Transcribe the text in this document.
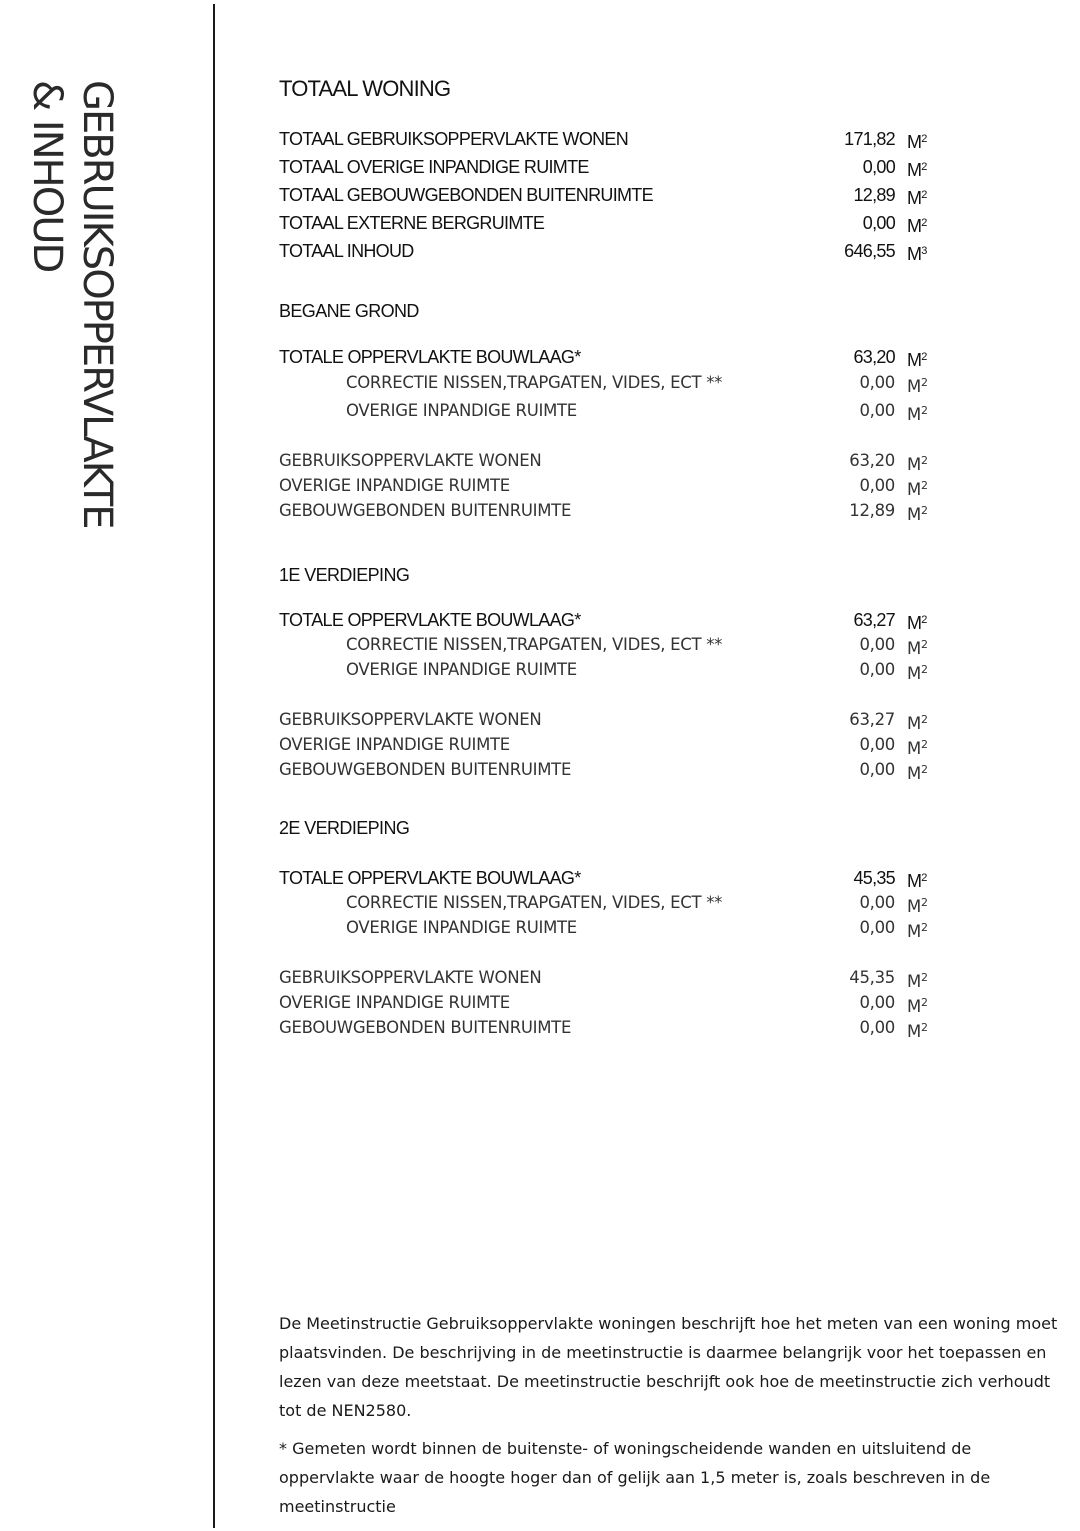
GEBRUIKSOPPERVLAKTE
& INHOUD	TOTAAL WONING
TOTAAL GEBRUIKSOPPERVLAKTE WONEN	171,82 $M^2$
TOTAAL OVERIGE INPANDIGE RUIMTE	0,00 $M^2$
TOTAAL GEBOUWGEBONDEN BUITENRUIMTE	12,89 $M^2$
TOTAAL EXTERNE BERGRUIMTE	0,00 $M^2$
TOTAAL INHOUD	646,55 $M^3$
BEGANE GROND
TOTALE OPPERVLAKTE BOUWLAAG*	63,20 $M^2$
CORRECTIE NISSEN,TRAPGATEN, VIDES, ECT **	0,00 $M^2$
OVERIGE INPANDIGE RUIMTE	0,00 $M^2$
GEBRUIKSOPPERVLAKTE WONEN	63,20 $M^2$
OVERIGE INPANDIGE RUIMTE	0,00 $M^2$
GEBOUWGEBONDEN BUITENRUIMTE	12,89 $M^2$
1E VERDIEPING
TOTALE OPPERVLAKTE BOUWLAAG*	63,27 $M^2$
CORRECTIE NISSEN,TRAPGATEN, VIDES, ECT **	0,00 $M^2$
OVERIGE INPANDIGE RUIMTE	0,00 $M^2$
GEBRUIKSOPPERVLAKTE WONEN	63,27 $M^2$
OVERIGE INPANDIGE RUIMTE	0,00 $M^2$
GEBOUWGEBONDEN BUITENRUIMTE	0,00 $M^2$
2E VERDIEPING
TOTALE OPPERVLAKTE BOUWLAAG*	45,35 $M^2$
CORRECTIE NISSEN,TRAPGATEN, VIDES, ECT **	0,00 $M^2$
OVERIGE INPANDIGE RUIMTE	0,00 $M^2$
GEBRUIKSOPPERVLAKTE WONEN	45,35 $M^2$
OVERIGE INPANDIGE RUIMTE	0,00 $M^2$
GEBOUWGEBONDEN BUITENRUIMTE	0,00 $M^2$

De Meetinstructie Gebruiksoppervlakte woningen beschrijft hoe het meten van een woning moet plaatsvinden. De beschrijving in de meetinstructie is daarmee belangrijk voor het toepassen en lezen van deze meetstaat. De meetinstructie beschrijft ook hoe de meetinstructie zich verhoudt tot de NEN2580.

* Gemeten wordt binnen de buitenste- of woningscheidende wanden en uitsluitend de oppervlakte waar de hoogte hoger dan of gelijk aan 1,5 meter is, zoals beschreven in de meetinstructie
